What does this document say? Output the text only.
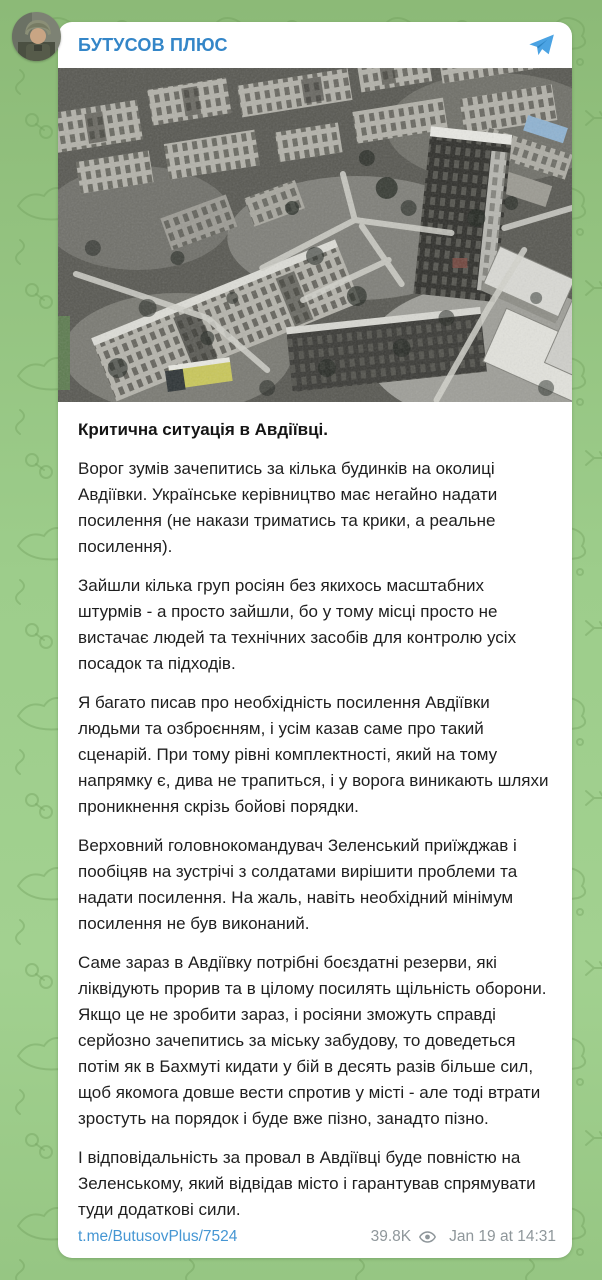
БУТУСОВ ПЛЮС
Критична ситуація в Авдіївці.

Ворог зумів зачепитись за кілька будинків на околиці Авдіївки. Українське керівництво має негайно надати посилення (не накази триматись та крики, а реальне посилення).

Зайшли кілька груп росіян без якихось масштабних штурмів - а просто зайшли, бо у тому місці просто не вистачає людей та технічних засобів для контролю усіх посадок та підходів.

Я багато писав про необхідність посилення Авдіївки людьми та озброєнням, і усім казав саме про такий сценарій. При тому рівні комплектності, який на тому напрямку є, дива не трапиться, і у ворога виникають шляхи проникнення скрізь бойові порядки.

Верховний головнокомандувач Зеленський приїжджав і пообіцяв на зустрічі з солдатами вирішити проблеми та надати посилення. На жаль, навіть необхідний мінімум посилення не був виконаний.

Саме зараз в Авдіївку потрібні боєздатні резерви, які ліквідують прорив та в цілому посилять щільність оборони. Якщо це не зробити зараз, і росіяни зможуть справді серйозно зачепитись за міську забудову, то доведеться потім як в Бахмуті кидати у бій в десять разів більше сил, щоб якомога довше вести спротив у місті - але тоді втрати зростуть на порядок і буде вже пізно, занадто пізно.

І відповідальність за провал в Авдіївці буде повністю на Зеленському, який відвідав місто і гарантував спрямувати туди додаткові сили.

t.me/ButusovPlus/7524	39.8K Jan 19 at 14:31
